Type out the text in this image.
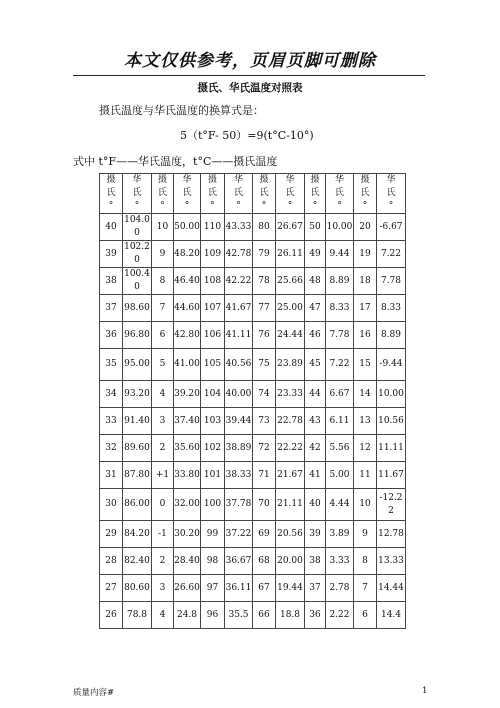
本文仅供参考，页眉页脚可删除
摄氏、华氏温度对照表
摄氏温度与华氏温度的换算式是：
5（t°F- 50）=9(t°C-10°)
式中 t°F——华氏温度，t°C——摄氏温度
摄
氏
°	华
氏
°	摄
氏
°	华
氏
°	摄
氏
°	华
氏
°	摄
氏
°	华
氏
°	摄
氏
°	华
氏
°	摄
氏
°	华
氏
°
40	104.00	10	50.00	110	43.33	80	26.67	50	10.00	20	-6.67
39	102.20	9	48.20	109	42.78	79	26.11	49	9.44	19	7.22
38	100.40	8	46.40	108	42.22	78	25.66	48	8.89	18	7.78
37	98.60	7	44.60	107	41.67	77	25.00	47	8.33	17	8.33
36	96.80	6	42.80	106	41.11	76	24.44	46	7.78	16	8.89
35	95.00	5	41.00	105	40.56	75	23.89	45	7.22	15	-9.44
34	93.20	4	39.20	104	40.00	74	23.33	44	6.67	14	10.00
33	91.40	3	37.40	103	39.44	73	22.78	43	6.11	13	10.56
32	89.60	2	35.60	102	38.89	72	22.22	42	5.56	12	11.11
31	87.80	+1	33.80	101	38.33	71	21.67	41	5.00	11	11.67
30	86.00	0	32.00	100	37.78	70	21.11	40	4.44	10	-12.22
29	84.20	-1	30.20	99	37.22	69	20.56	39	3.89	9	12.78
28	82.40	2	28.40	98	36.67	68	20.00	38	3.33	8	13.33
27	80.60	3	26.60	97	36.11	67	19.44	37	2.78	7	14.44
26	78.8	4	24.8	96	35.5	66	18.8	36	2.22	6	14.4
质量内容#	1
